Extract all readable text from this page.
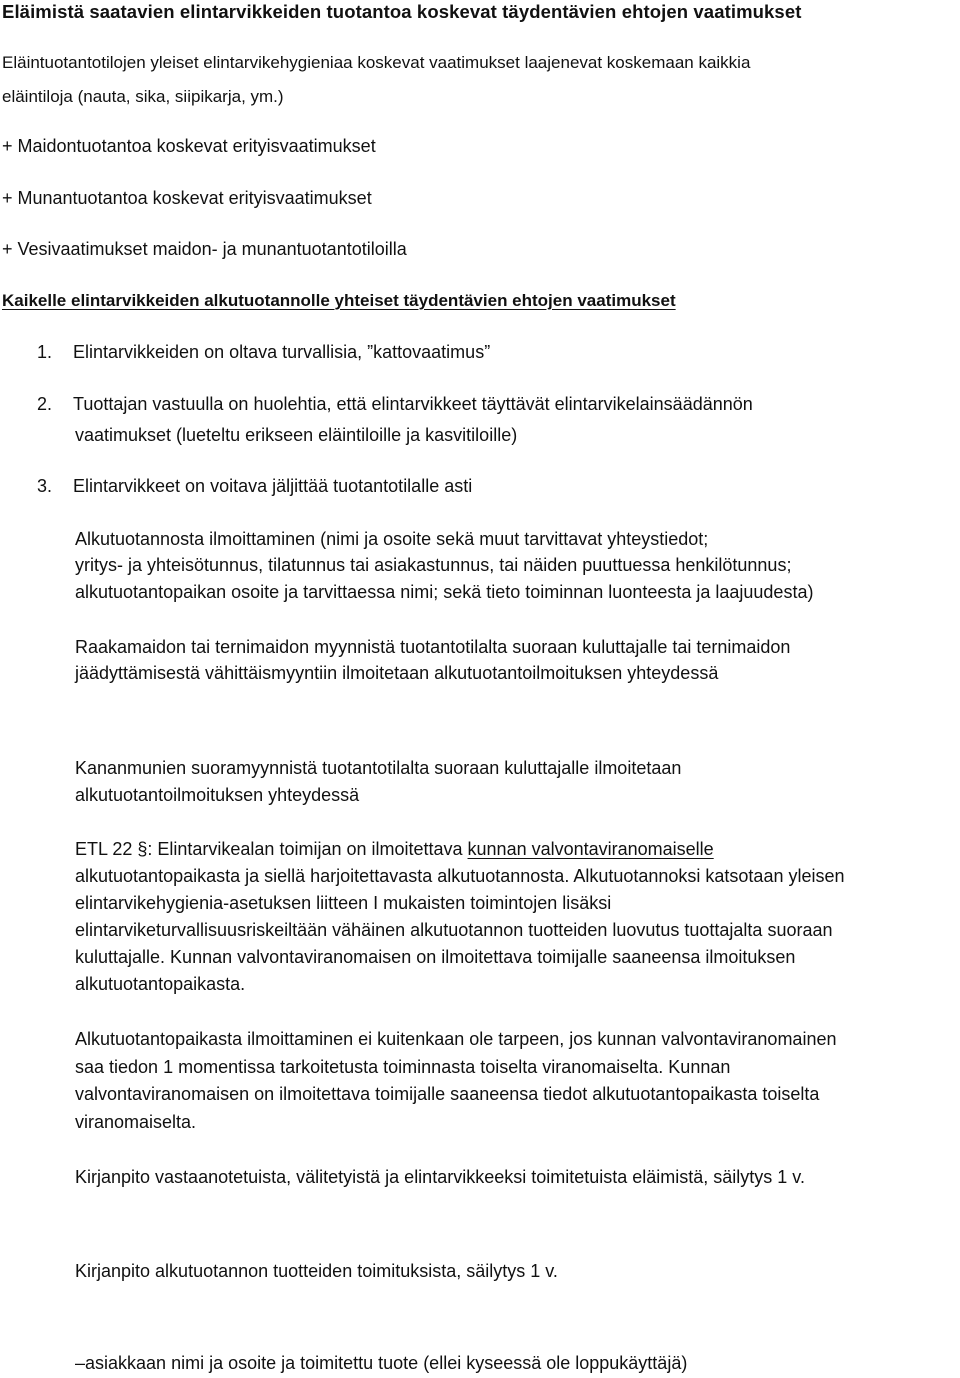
Eläimistä saatavien elintarvikkeiden tuotantoa koskevat täydentävien ehtojen vaatimukset
Eläintuotantotilojen yleiset elintarvikehygieniaa koskevat vaatimukset laajenevat koskemaan kaikkia
eläintiloja (nauta, sika, siipikarja, ym.)
+ Maidontuotantoa koskevat erityisvaatimukset
+ Munantuotantoa koskevat erityisvaatimukset
+ Vesivaatimukset maidon- ja munantuotantotiloilla
Kaikelle elintarvikkeiden alkutuotannolle yhteiset täydentävien ehtojen vaatimukset
1. Elintarvikkeiden on oltava turvallisia, ”kattovaatimus”
2. Tuottajan vastuulla on huolehtia, että elintarvikkeet täyttävät elintarvikelainsäädännön
vaatimukset (lueteltu erikseen eläintiloille ja kasvitiloille)
3. Elintarvikkeet on voitava jäljittää tuotantotilalle asti
Alkutuotannosta ilmoittaminen (nimi ja osoite sekä muut tarvittavat yhteystiedot;
yritys- ja yhteisötunnus, tilatunnus tai asiakastunnus, tai näiden puuttuessa henkilötunnus;
alkutuotantopaikan osoite ja tarvittaessa nimi; sekä tieto toiminnan luonteesta ja laajuudesta)
Raakamaidon tai ternimaidon myynnistä tuotantotilalta suoraan kuluttajalle tai ternimaidon
jäädyttämisestä vähittäismyyntiin ilmoitetaan alkutuotantoilmoituksen yhteydessä
Kananmunien suoramyynnistä tuotantotilalta suoraan kuluttajalle ilmoitetaan
alkutuotantoilmoituksen yhteydessä
ETL 22 §: Elintarvikealan toimijan on ilmoitettava kunnan valvontaviranomaiselle
alkutuotantopaikasta ja siellä harjoitettavasta alkutuotannosta. Alkutuotannoksi katsotaan yleisen
elintarvikehygienia-asetuksen liitteen I mukaisten toimintojen lisäksi
elintarviketurvallisuusriskeiltään vähäinen alkutuotannon tuotteiden luovutus tuottajalta suoraan
kuluttajalle. Kunnan valvontaviranomaisen on ilmoitettava toimijalle saaneensa ilmoituksen
alkutuotantopaikasta.
Alkutuotantopaikasta ilmoittaminen ei kuitenkaan ole tarpeen, jos kunnan valvontaviranomainen
saa tiedon 1 momentissa tarkoitetusta toiminnasta toiselta viranomaiselta. Kunnan
valvontaviranomaisen on ilmoitettava toimijalle saaneensa tiedot alkutuotantopaikasta toiselta
viranomaiselta.
Kirjanpito vastaanotetuista, välitetyistä ja elintarvikkeeksi toimitetuista eläimistä, säilytys 1 v.
Kirjanpito alkutuotannon tuotteiden toimituksista, säilytys 1 v.
–asiakkaan nimi ja osoite ja toimitettu tuote (ellei kyseessä ole loppukäyttäjä)
